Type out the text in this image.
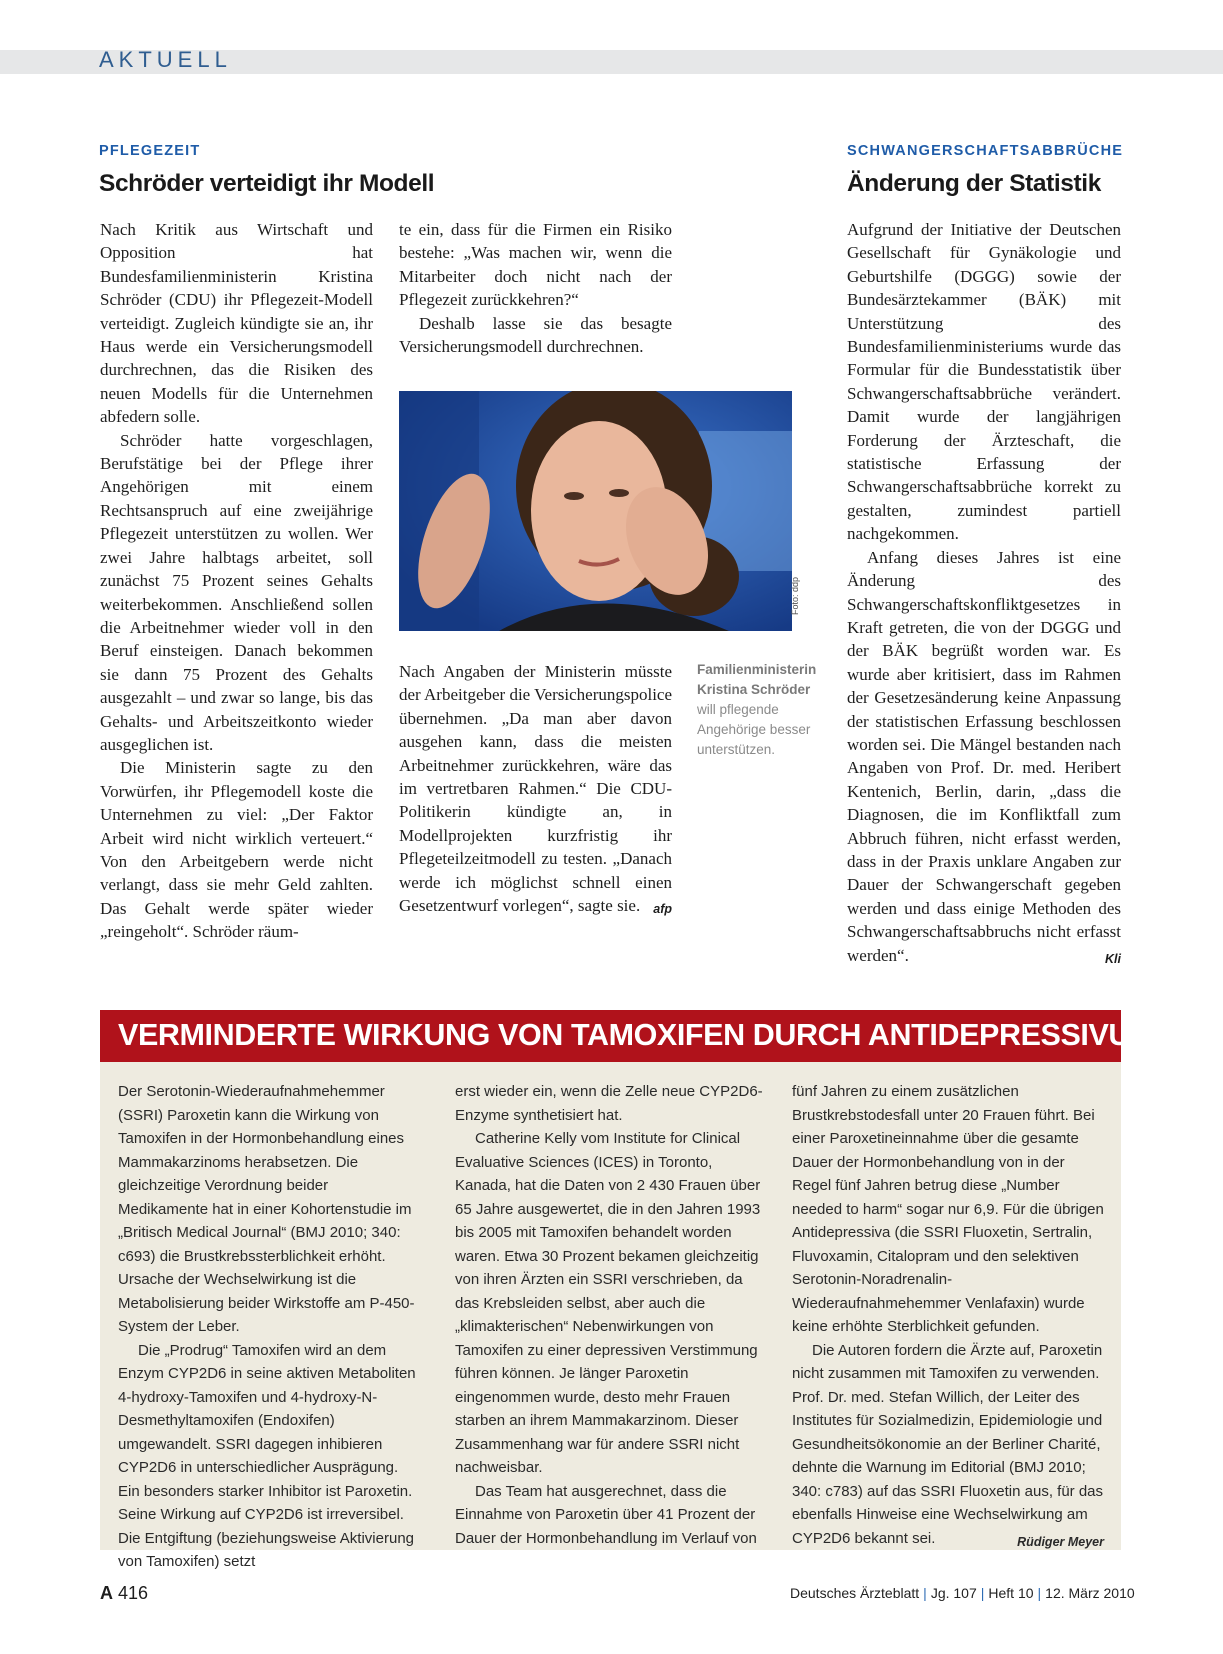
AKTUELL
PFLEGEZEIT
Schröder verteidigt ihr Modell

Nach Kritik aus Wirtschaft und Opposition hat Bundesfamilienministerin Kristina Schröder (CDU) ihr Pflegezeit-Modell verteidigt. Zugleich kündigte sie an, ihr Haus werde ein Versicherungsmodell durchrechnen, das die Risiken des neuen Modells für die Unternehmen abfedern solle.

Schröder hatte vorgeschlagen, Berufstätige bei der Pflege ihrer Angehörigen mit einem Rechtsanspruch auf eine zweijährige Pflegezeit unterstützen zu wollen. Wer zwei Jahre halbtags arbeitet, soll zunächst 75 Prozent seines Gehalts weiterbekommen. Anschließend sollen die Arbeitnehmer wieder voll in den Beruf einsteigen. Danach bekommen sie dann 75 Prozent des Gehalts ausgezahlt – und zwar so lange, bis das Gehalts- und Arbeitszeitkonto wieder ausgeglichen ist.

Die Ministerin sagte zu den Vorwürfen, ihr Pflegemodell koste die Unternehmen zu viel: „Der Faktor Arbeit wird nicht wirklich verteuert.“ Von den Arbeitgebern werde nicht verlangt, dass sie mehr Geld zahlten. Das Gehalt werde später wieder „reingeholt“. Schröder räum-

te ein, dass für die Firmen ein Risiko bestehe: „Was machen wir, wenn die Mitarbeiter doch nicht nach der Pflegezeit zurückkehren?“

Deshalb lasse sie das besagte Versicherungsmodell durchrechnen.

Foto: ddp

Nach Angaben der Ministerin müsste der Arbeitgeber die Versicherungspolice übernehmen. „Da man aber davon ausgehen kann, dass die meisten Arbeitnehmer zurückkehren, wäre das im vertretbaren Rahmen.“ Die CDU-Politikerin kündigte an, in Modellprojekten kurzfristig ihr Pflegeteilzeitmodell zu testen. „Danach werde ich möglichst schnell einen Gesetzentwurf vorlegen“, sagte sie. afp

Familienministerin Kristina Schröder will pflegende Angehörige besser unterstützen.
SCHWANGERSCHAFTSABBRÜCHE
Änderung der Statistik

Aufgrund der Initiative der Deutschen Gesellschaft für Gynäkologie und Geburtshilfe (DGGG) sowie der Bundesärztekammer (BÄK) mit Unterstützung des Bundesfamilienministeriums wurde das Formular für die Bundesstatistik über Schwangerschaftsabbrüche verändert. Damit wurde der langjährigen Forderung der Ärzteschaft, die statistische Erfassung der Schwangerschaftsabbrüche korrekt zu gestalten, zumindest partiell nachgekommen.

Anfang dieses Jahres ist eine Änderung des Schwangerschaftskonfliktgesetzes in Kraft getreten, die von der DGGG und der BÄK begrüßt worden war. Es wurde aber kritisiert, dass im Rahmen der Gesetzesänderung keine Anpassung der statistischen Erfassung beschlossen worden sei. Die Mängel bestanden nach Angaben von Prof. Dr. med. Heribert Kentenich, Berlin, darin, „dass die Diagnosen, die im Konfliktfall zum Abbruch führen, nicht erfasst werden, dass in der Praxis unklare Angaben zur Dauer der Schwangerschaft gegeben werden und dass einige Methoden des Schwangerschaftsabbruchs nicht erfasst werden“.	Kli

VERMINDERTE WIRKUNG VON TAMOXIFEN DURCH ANTIDEPRESSIVUM

Der Serotonin-Wiederaufnahmehemmer (SSRI) Paroxetin kann die Wirkung von Tamoxifen in der Hormonbehandlung eines Mammakarzinoms herabsetzen. Die gleichzeitige Verordnung beider Medikamente hat in einer Kohortenstudie im „Britisch Medical Journal“ (BMJ 2010; 340: c693) die Brustkrebssterblichkeit erhöht. Ursache der Wechselwirkung ist die Metabolisierung beider Wirkstoffe am P-450-System der Leber.

Die „Prodrug“ Tamoxifen wird an dem Enzym CYP2D6 in seine aktiven Metaboliten 4-hydroxy-Tamoxifen und 4-hydroxy-N-Desmethyltamoxifen (Endoxifen) umgewandelt. SSRI dagegen inhibieren CYP2D6 in unterschiedlicher Ausprägung. Ein besonders starker Inhibitor ist Paroxetin. Seine Wirkung auf CYP2D6 ist irreversibel. Die Entgiftung (beziehungsweise Aktivierung von Tamoxifen) setzt

erst wieder ein, wenn die Zelle neue CYP2D6-Enzyme synthetisiert hat.

Catherine Kelly vom Institute for Clinical Evaluative Sciences (ICES) in Toronto, Kanada, hat die Daten von 2 430 Frauen über 65 Jahre ausgewertet, die in den Jahren 1993 bis 2005 mit Tamoxifen behandelt worden waren. Etwa 30 Prozent bekamen gleichzeitig von ihren Ärzten ein SSRI verschrieben, da das Krebsleiden selbst, aber auch die „klimakterischen“ Nebenwirkungen von Tamoxifen zu einer depressiven Verstimmung führen können. Je länger Paroxetin eingenommen wurde, desto mehr Frauen starben an ihrem Mammakarzinom. Dieser Zusammenhang war für andere SSRI nicht nachweisbar.

Das Team hat ausgerechnet, dass die Einnahme von Paroxetin über 41 Prozent der Dauer der Hormonbehandlung im Verlauf von

fünf Jahren zu einem zusätzlichen Brustkrebstodesfall unter 20 Frauen führt. Bei einer Paroxetineinnahme über die gesamte Dauer der Hormonbehandlung von in der Regel fünf Jahren betrug diese „Number needed to harm“ sogar nur 6,9. Für die übrigen Antidepressiva (die SSRI Fluoxetin, Sertralin, Fluvoxamin, Citalopram und den selektiven Serotonin-Noradrenalin-Wiederaufnahmehemmer Venlafaxin) wurde keine erhöhte Sterblichkeit gefunden.

Die Autoren fordern die Ärzte auf, Paroxetin nicht zusammen mit Tamoxifen zu verwenden. Prof. Dr. med. Stefan Willich, der Leiter des Institutes für Sozialmedizin, Epidemiologie und Gesundheitsökonomie an der Berliner Charité, dehnte die Warnung im Editorial (BMJ 2010; 340: c783) auf das SSRI Fluoxetin aus, für das ebenfalls Hinweise eine Wechselwirkung am CYP2D6 bekannt sei.	Rüdiger Meyer

A 416	Deutsches Ärzteblatt | Jg. 107 | Heft 10 | 12. März 2010
